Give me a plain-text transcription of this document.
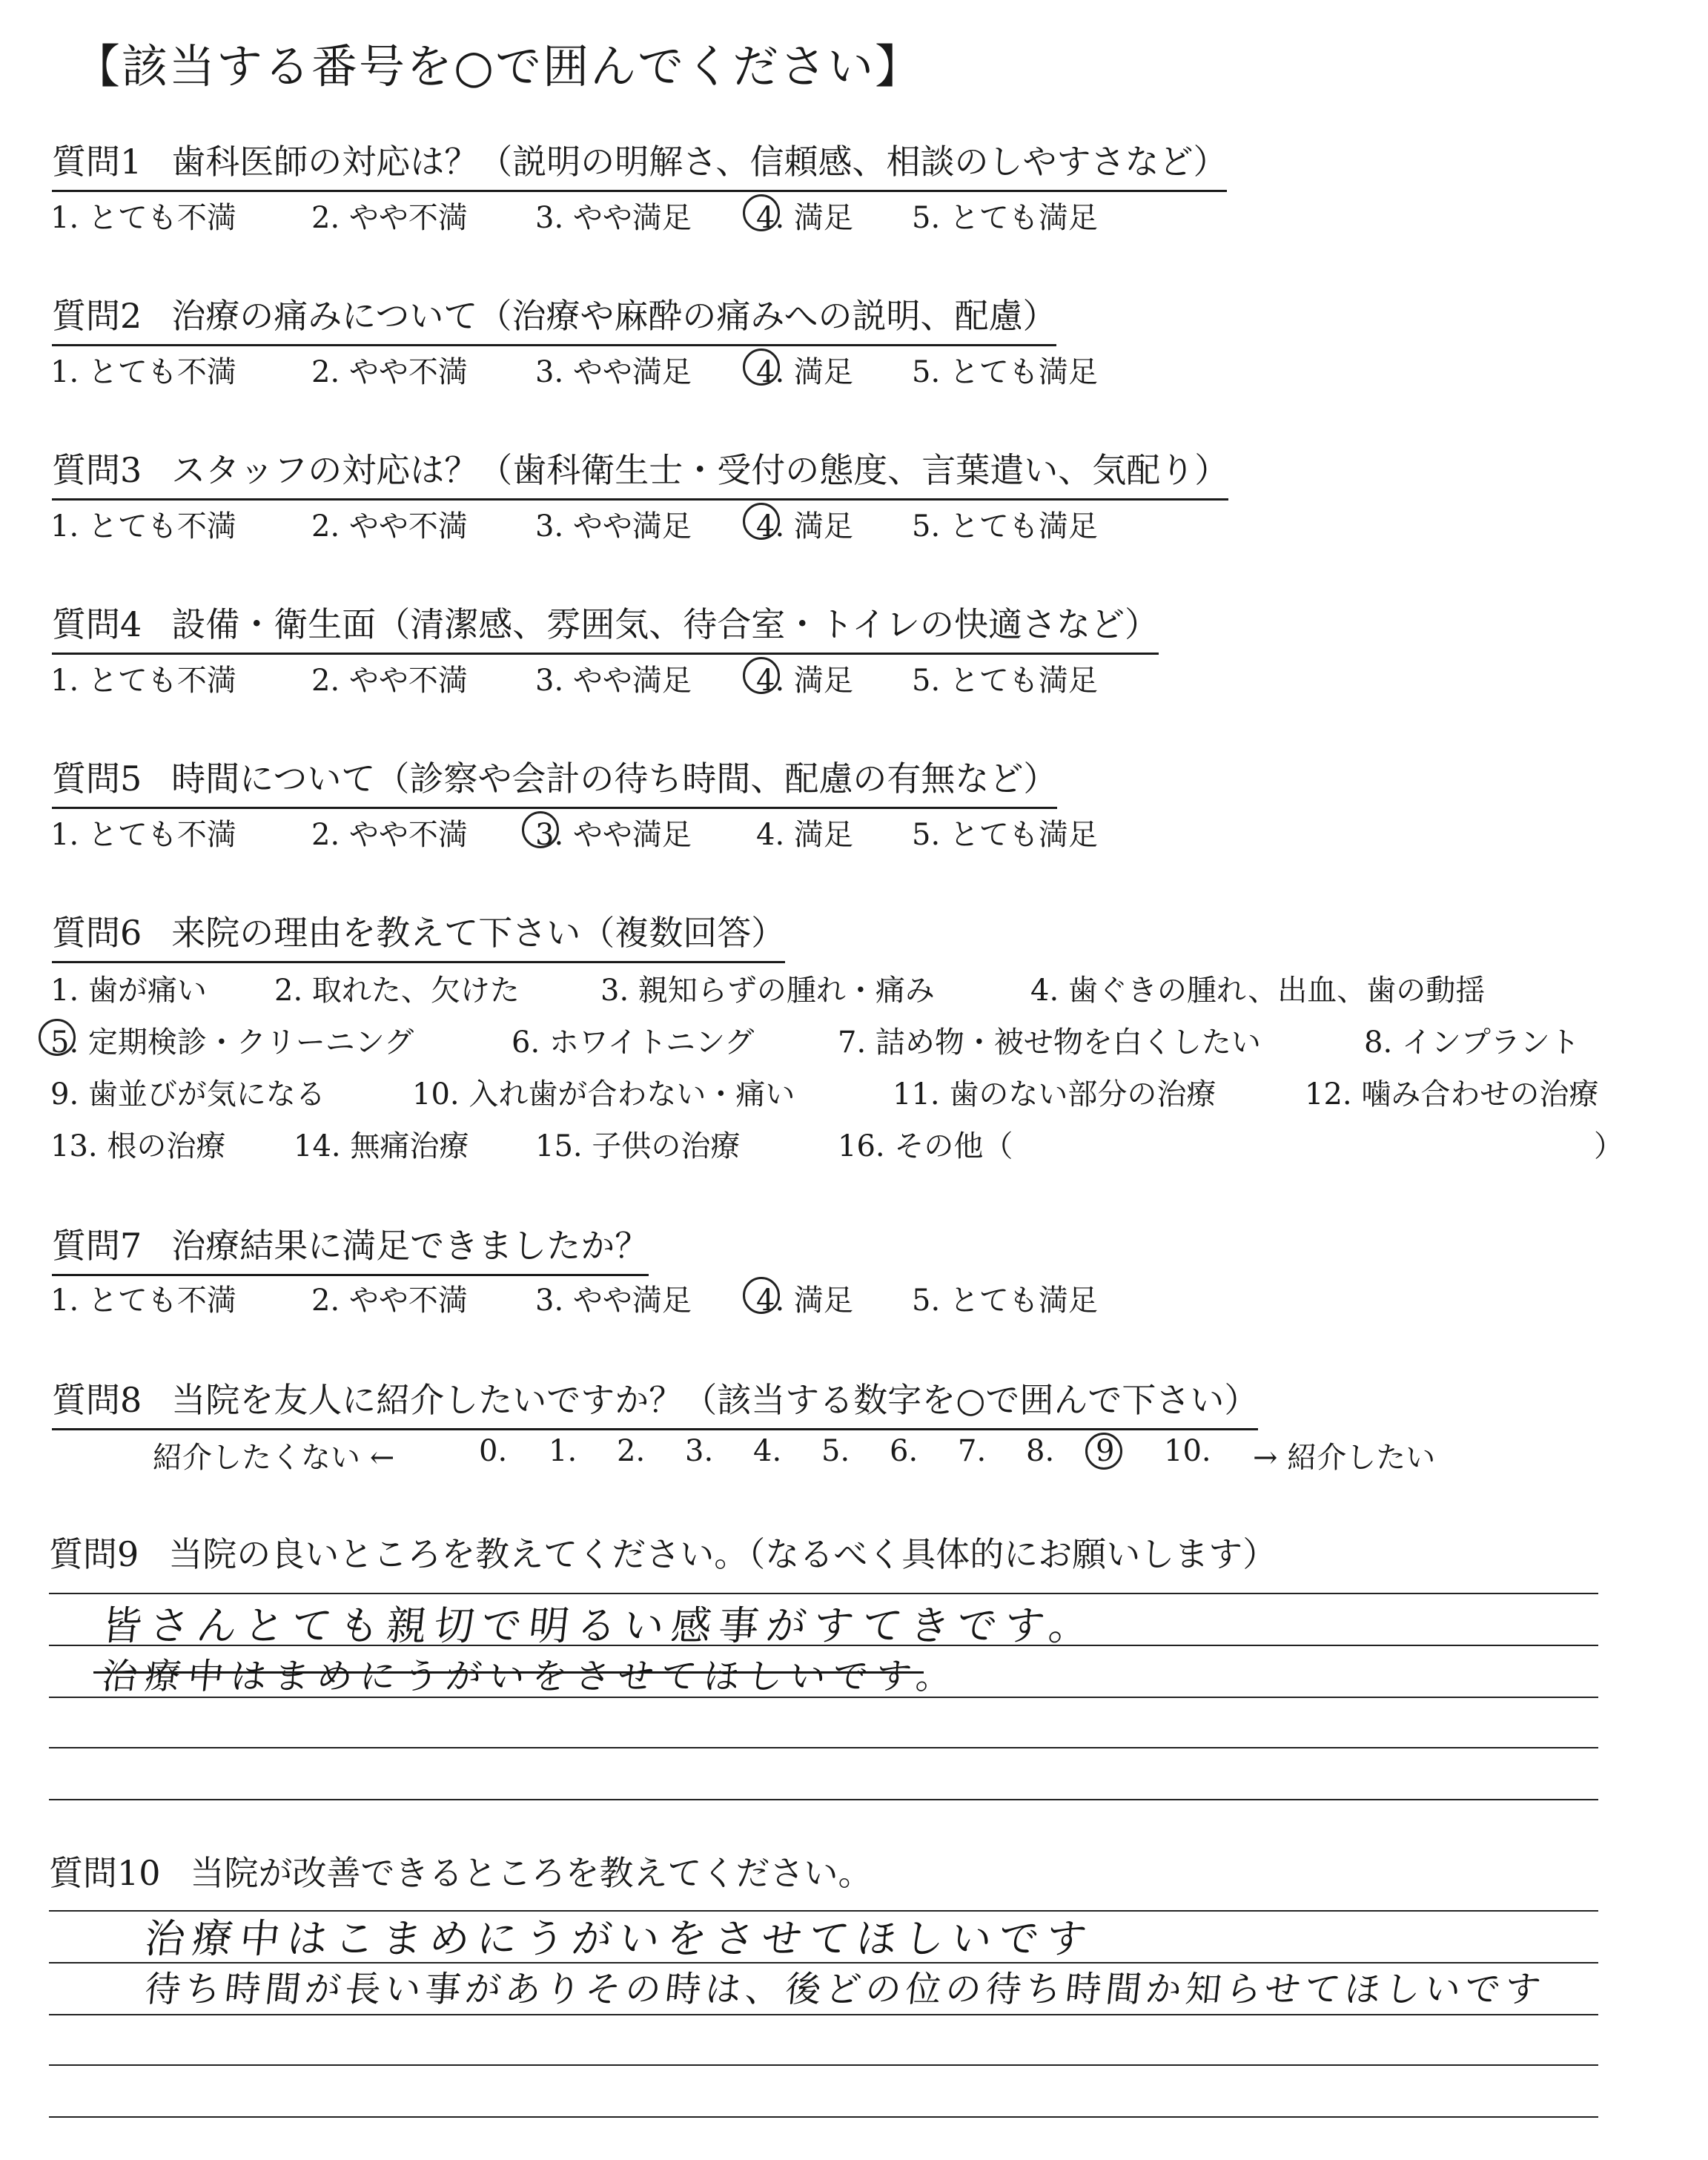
【該当する番号を○で囲んでください】
質問1 歯科医師の対応は？（説明の明解さ、信頼感、相談のしやすさなど）
1. とても不満	2. やや不満 3. やや満足 4. 満足 5. とても満足
質問2 治療の痛みについて（治療や麻酔の痛みへの説明、配慮）
1. とても不満	2. やや不満 3. やや満足 4. 満足 5. とても満足
質問3 スタッフの対応は？（歯科衛生士・受付の態度、言葉遣い、気配り）
1. とても不満	2. やや不満 3. やや満足 4. 満足 5. とても満足
質問4 設備・衛生面（清潔感、雰囲気、待合室・トイレの快適さなど）
1. とても不満	2. やや不満 3. やや満足 4. 満足 5. とても満足
質問5 時間について（診察や会計の待ち時間、配慮の有無など）
1. とても不満	2. やや不満 3. やや満足 4. 満足 5. とても満足
質問6 来院の理由を教えて下さい（複数回答）
1. 歯が痛い 2. 取れた、欠けた	3. 親知らずの腫れ・痛み	4. 歯ぐきの腫れ、出血、歯の動揺
5. 定期検診・クリーニング	6. ホワイトニング	7. 詰め物・被せ物を白くしたい	8. インプラント
9. 歯並びが気になる	10. 入れ歯が合わない・痛い	11. 歯のない部分の治療	12. 噛み合わせの治療
13. 根の治療 14. 無痛治療 15. 子供の治療	16. その他（	）
質問7 治療結果に満足できましたか？
1. とても不満	2. やや不満 3. やや満足 4. 満足 5. とても満足
質問8 当院を友人に紹介したいですか？（該当する数字を○で囲んで下さい）
紹介したくない ←	0. 1. 2. 3. 4. 5. 6. 7. 8. 9 10. → 紹介したい
質問9 当院の良いところを教えてください。（なるべく具体的にお願いします）
皆さんとても親切で明るい感事がすてきです。
治療中はまめにうがいをさせてほしいです。
質問10 当院が改善できるところを教えてください。
治療中はこまめにうがいをさせてほしいです
待ち時間が長い事がありその時は、後どの位の待ち時間か知らせてほしいです
